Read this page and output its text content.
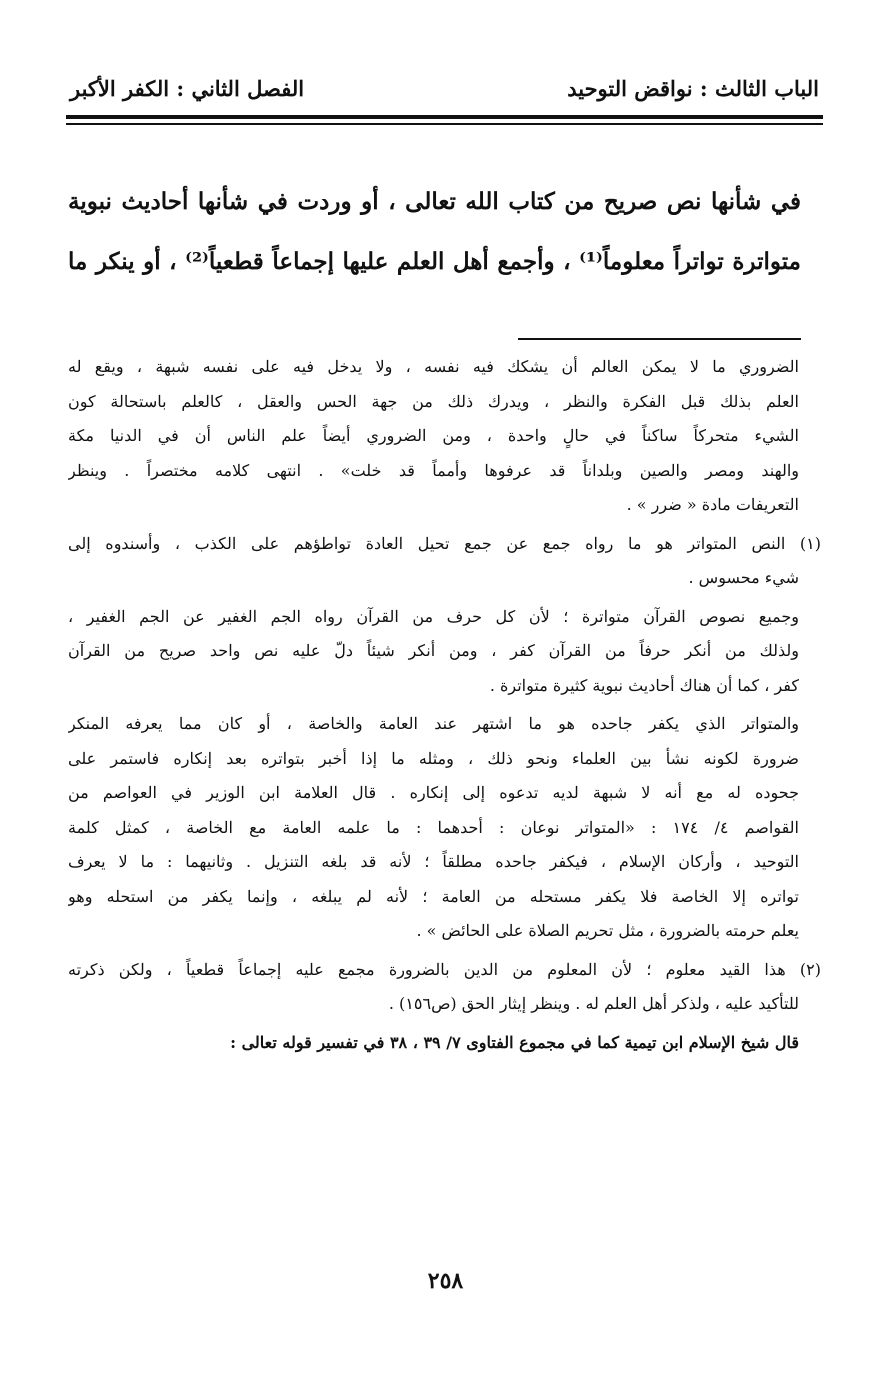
الباب الثالث : نواقض التوحيد
الفصل الثاني : الكفر الأكبر
في شأنها نص صريح من كتاب الله تعالى ، أو وردت في شأنها أحاديث نبوية
متواترة تواتراً معلوماً⁽¹⁾ ، وأجمع أهل العلم عليها إجماعاً قطعياً⁽²⁾ ، أو ينكر ما
الضروري ما لا يمكن العالم أن يشكك فيه نفسه ، ولا يدخل فيه على نفسه شبهة ، ويقع له
العلم بذلك قبل الفكرة والنظر ، ويدرك ذلك من جهة الحس والعقل ، كالعلم باستحالة كون
الشيء متحركاً ساكناً في حالٍ واحدة ، ومن الضروري أيضاً علم الناس أن في الدنيا مكة
والهند ومصر والصين وبلداناً قد عرفوها وأمماً قد خلت» . انتهى كلامه مختصراً . وينظر
التعريفات مادة « ضرر » .
(١) النص المتواتر هو ما رواه جمع عن جمع تحيل العادة تواطؤهم على الكذب ، وأسندوه إلى
شيء محسوس .
وجميع نصوص القرآن متواترة ؛ لأن كل حرف من القرآن رواه الجم الغفير عن الجم الغفير ،
ولذلك من أنكر حرفاً من القرآن كفر ، ومن أنكر شيئاً دلّ عليه نص واحد صريح من القرآن
كفر ، كما أن هناك أحاديث نبوية كثيرة متواترة .
والمتواتر الذي يكفر جاحده هو ما اشتهر عند العامة والخاصة ، أو كان مما يعرفه المنكر
ضرورة لكونه نشأ بين العلماء ونحو ذلك ، ومثله ما إذا أخبر بتواتره بعد إنكاره فاستمر على
جحوده له مع أنه لا شبهة لديه تدعوه إلى إنكاره . قال العلامة ابن الوزير في العواصم من
القواصم ٤/ ١٧٤ : «المتواتر نوعان : أحدهما : ما علمه العامة مع الخاصة ، كمثل كلمة
التوحيد ، وأركان الإسلام ، فيكفر جاحده مطلقاً ؛ لأنه قد بلغه التنزيل . وثانيهما : ما لا يعرف
تواتره إلا الخاصة فلا يكفر مستحله من العامة ؛ لأنه لم يبلغه ، وإنما يكفر من استحله وهو
يعلم حرمته بالضرورة ، مثل تحريم الصلاة على الحائض » .
(٢) هذا القيد معلوم ؛ لأن المعلوم من الدين بالضرورة مجمع عليه إجماعاً قطعياً ، ولكن ذكرته
للتأكيد عليه ، ولذكر أهل العلم له . وينظر إيثار الحق (ص١٥٦) .
قال شيخ الإسلام ابن تيمية كما في مجموع الفتاوى ٧/ ٣٩ ، ٣٨ في تفسير قوله تعالى :
٢٥٨
